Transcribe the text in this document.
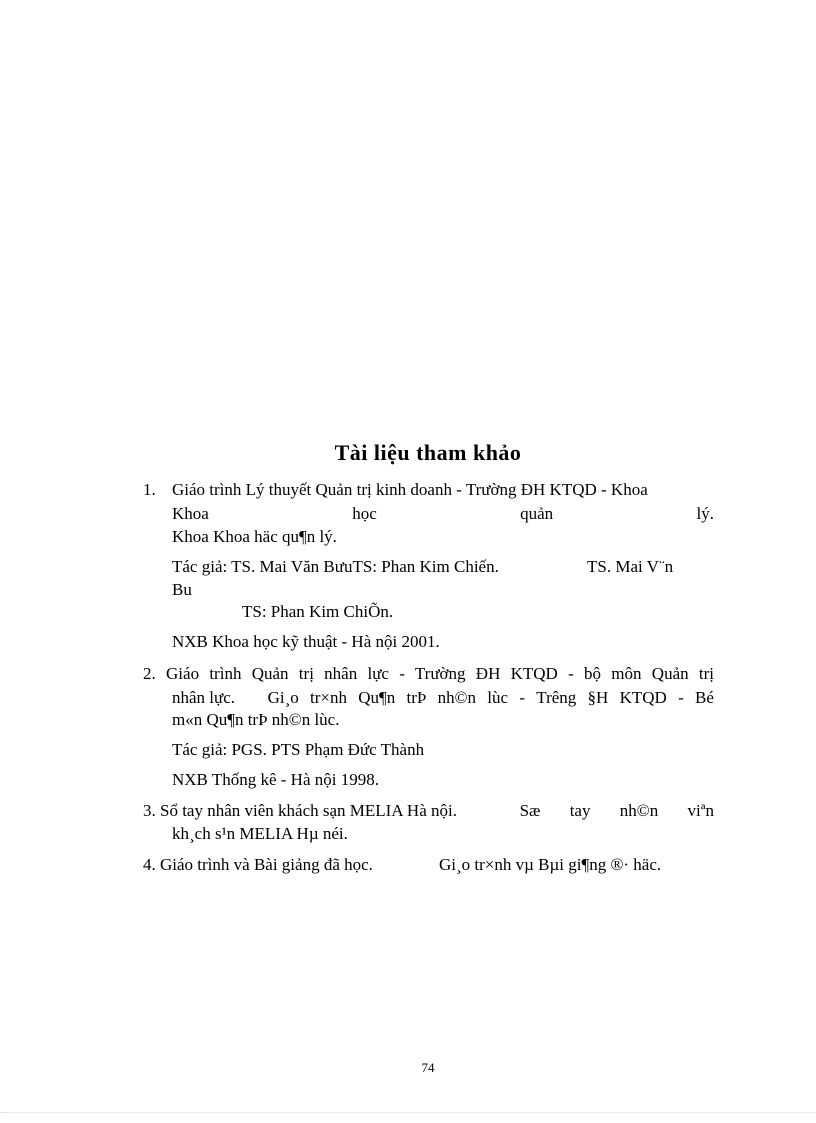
Tài liệu tham khảo
1. Giáo trình Lý thuyết Quản trị kinh doanh - Trường ĐH KTQD - Khoa
Khoa	học	quản	lý.
Khoa Khoa häc qu¶n lý.
Tác giả: TS. Mai Văn BưuTS: Phan Kim Chiến.	TS. Mai V¨n
Bu
TS: Phan Kim ChiÕn.
NXB Khoa học kỹ thuật - Hà nội 2001.
2. Giáo trình Quản trị nhân lực - Trường ĐH KTQD - bộ môn Quản trị
nhân lực. Gi¸o tr×nh Qu¶n trÞ nh©n lùc - Trêng §H KTQD - Bé
m«n Qu¶n trÞ nh©n lùc.
Tác giả: PGS. PTS Phạm Đức Thành
NXB Thống kê - Hà nội 1998.
3. Sổ tay nhân viên khách sạn MELIA Hà nội.	Sæ tay nh©n viªn
kh¸ch s¹n MELIA Hµ néi.
4. Giáo trình và Bài giảng đã học.	Gi¸o tr×nh vµ Bµi gi¶ng ®· häc.
74
